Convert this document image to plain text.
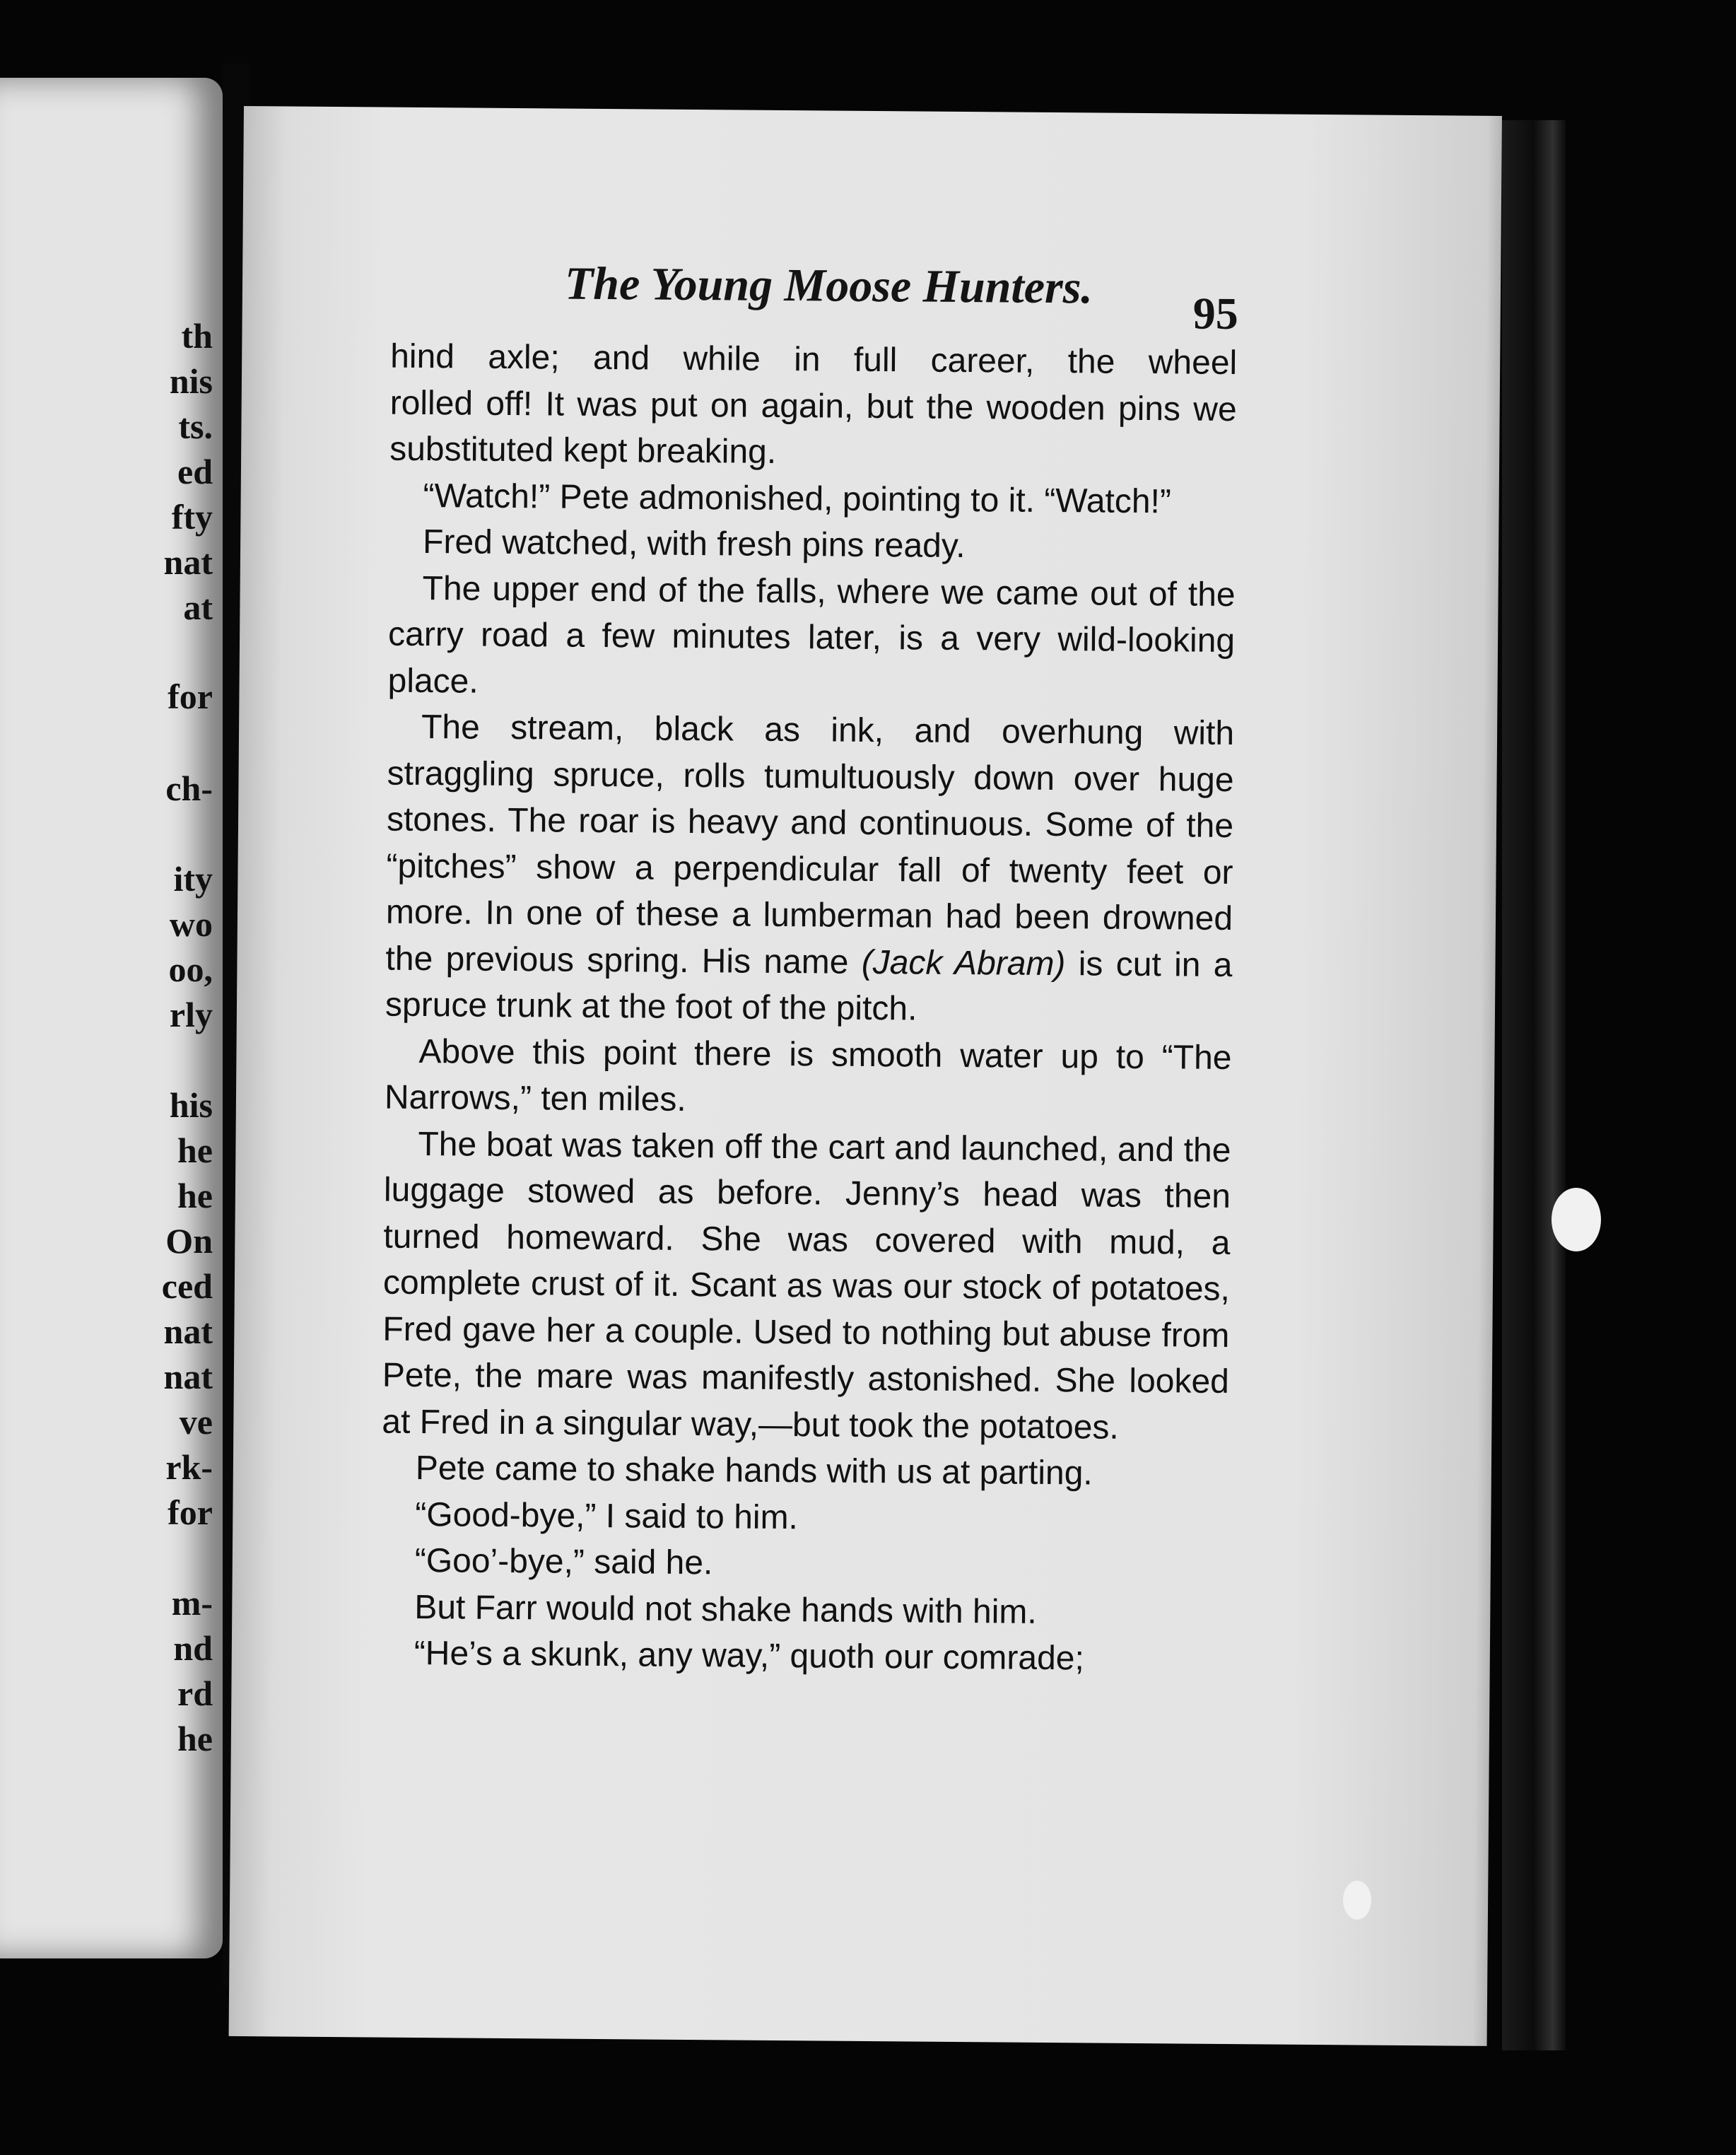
th
nis
ts.
ed
fty
nat
at
for
ch-
ity
wo
oo,
rly
his
he
he
On
ced
nat
nat
ve
rk-
for
m-
nd
rd
he
The Young Moose Hunters. 95

hind axle; and while in full career, the wheel

rolled off! It was put on again, but the wooden pins we substituted kept breaking.

“Watch!” Pete admonished, pointing to it. “Watch!”

Fred watched, with fresh pins ready.

The upper end of the falls, where we came out of the carry road a few minutes later, is a very wild-looking place.

The stream, black as ink, and overhung with straggling spruce, rolls tumultuously down over huge stones. The roar is heavy and continuous. Some of the “pitches” show a perpendicular fall of twenty feet or more. In one of these a lumberman had been drowned the previous spring. His name (Jack Abram) is cut in a spruce trunk at the foot of the pitch.

Above this point there is smooth water up to “The Narrows,” ten miles.

The boat was taken off the cart and launched, and the luggage stowed as before. Jenny’s head was then turned homeward. She was covered with mud, a complete crust of it. Scant as was our stock of potatoes, Fred gave her a couple. Used to nothing but abuse from Pete, the mare was manifestly astonished. She looked at Fred in a singular way,—but took the potatoes.

Pete came to shake hands with us at parting.

“Good-bye,” I said to him.

“Goo’-bye,” said he.

But Farr would not shake hands with him.

“He’s a skunk, any way,” quoth our comrade;
